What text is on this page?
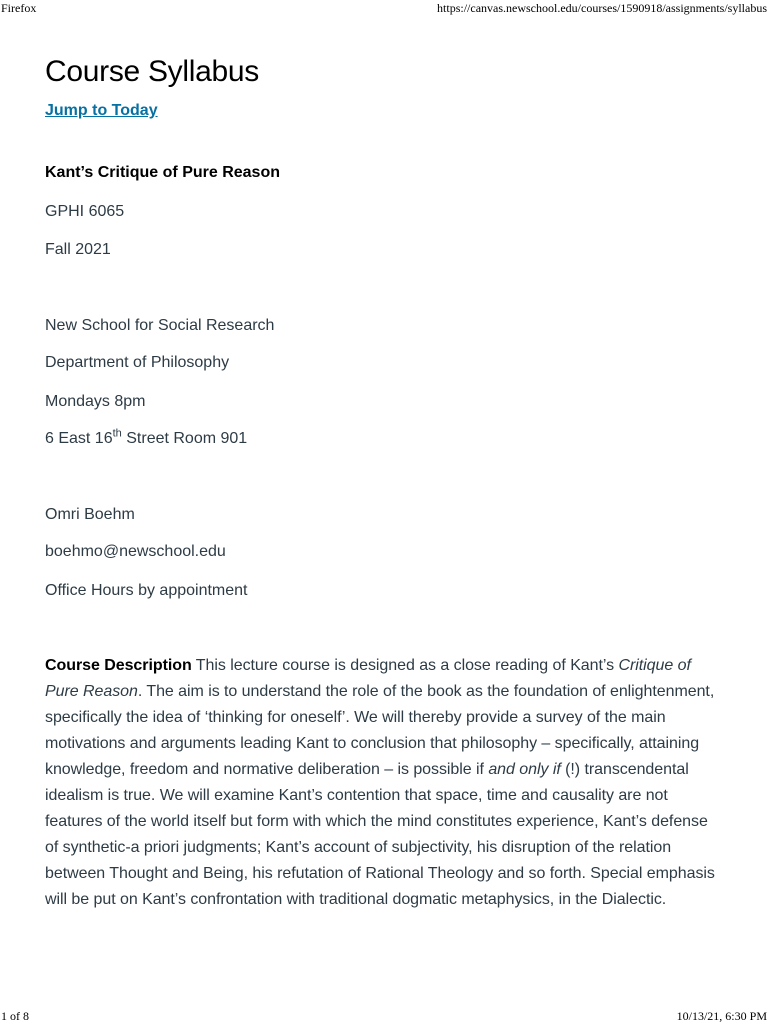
Firefox	https://canvas.newschool.edu/courses/1590918/assignments/syllabus
Course Syllabus
Jump to Today
Kant’s Critique of Pure Reason
GPHI 6065
Fall 2021
New School for Social Research
Department of Philosophy
Mondays 8pm
6 East 16th Street Room 901
Omri Boehm
boehmo@newschool.edu
Office Hours by appointment

Course Description This lecture course is designed as a close reading of Kant’s Critique of Pure Reason. The aim is to understand the role of the book as the foundation of enlightenment, specifically the idea of ‘thinking for oneself’. We will thereby provide a survey of the main motivations and arguments leading Kant to conclusion that philosophy – specifically, attaining knowledge, freedom and normative deliberation – is possible if and only if (!) transcendental idealism is true. We will examine Kant’s contention that space, time and causality are not features of the world itself but form with which the mind constitutes experience, Kant’s defense of synthetic-a priori judgments; Kant’s account of subjectivity, his disruption of the relation between Thought and Being, his refutation of Rational Theology and so forth. Special emphasis will be put on Kant’s confrontation with traditional dogmatic metaphysics, in the Dialectic.

1 of 8	10/13/21, 6:30 PM
